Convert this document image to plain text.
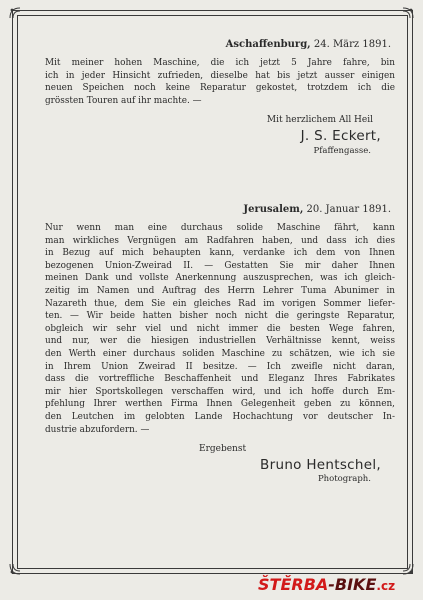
Aschaffenburg, 24. März 1891.
Mit meiner hohen Maschine, die ich jetzt 5 Jahre fahre, bin
ich in jeder Hinsicht zufrieden, dieselbe hat bis jetzt ausser einigen
neuen Speichen noch keine Reparatur gekostet, trotzdem ich die
grössten Touren auf ihr machte. —
Mit herzlichem All Heil
J. S. Eckert,
Pfaffengasse.
Jerusalem, 20. Januar 1891.
Nur wenn man eine durchaus solide Maschine fährt, kann
man wirkliches Vergnügen am Radfahren haben, und dass ich dies
in Bezug auf mich behaupten kann, verdanke ich dem von Ihnen
bezogenen Union-Zweirad II. — Gestatten Sie mir daher Ihnen
meinen Dank und vollste Anerkennung auszusprechen, was ich gleich-
zeitig im Namen und Auftrag des Herrn Lehrer Tuma Abunimer in
Nazareth thue, dem Sie ein gleiches Rad im vorigen Sommer liefer-
ten. — Wir beide hatten bisher noch nicht die geringste Reparatur,
obgleich wir sehr viel und nicht immer die besten Wege fahren,
und nur, wer die hiesigen industriellen Verhältnisse kennt, weiss
den Werth einer durchaus soliden Maschine zu schätzen, wie ich sie
in Ihrem Union Zweirad II besitze. — Ich zweifle nicht daran,
dass die vortreffliche Beschaffenheit und Eleganz Ihres Fabrikates
mir hier Sportskollegen verschaffen wird, und ich hoffe durch Em-
pfehlung Ihrer werthen Firma Ihnen Gelegenheit geben zu können,
den Leutchen im gelobten Lande Hochachtung vor deutscher In-
dustrie abzufordern. —
Ergebenst
Bruno Hentschel,
Photograph.
ŠTĚRBA-BIKE.cz
